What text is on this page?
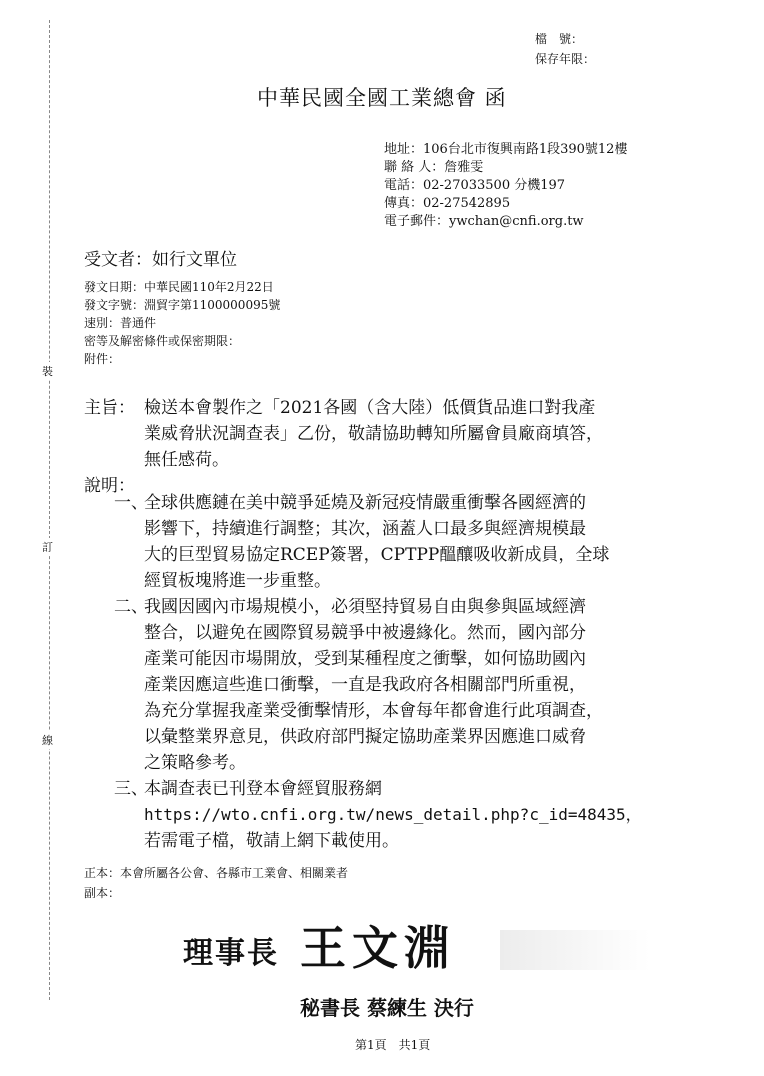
裝
訂
線
檔　號：
保存年限：
中華民國全國工業總會 函
地址：106台北市復興南路1段390號12樓
聯 絡 人：詹雅雯
電話：02-27033500 分機197
傳真：02-27542895
電子郵件：ywchan@cnfi.org.tw
受文者：如行文單位
發文日期：中華民國110年2月22日
發文字號：淵貿字第1100000095號
速別：普通件
密等及解密條件或保密期限：
附件：
主旨： 檢送本會製作之「2021各國（含大陸）低價貨品進口對我產
業威脅狀況調查表」乙份，敬請協助轉知所屬會員廠商填答，
無任感荷。
說明：
一、
全球供應鏈在美中競爭延燒及新冠疫情嚴重衝擊各國經濟的
影響下，持續進行調整；其次，涵蓋人口最多與經濟規模最
大的巨型貿易協定RCEP簽署，CPTPP醞釀吸收新成員，全球
經貿板塊將進一步重整。
二、
我國因國內市場規模小，必須堅持貿易自由與參與區域經濟
整合，以避免在國際貿易競爭中被邊緣化。然而，國內部分
產業可能因市場開放，受到某種程度之衝擊，如何協助國內
產業因應這些進口衝擊，一直是我政府各相關部門所重視，
為充分掌握我產業受衝擊情形，本會每年都會進行此項調查，
以彙整業界意見，供政府部門擬定協助產業界因應進口威脅
之策略參考。
三、
本調查表已刊登本會經貿服務網
https://wto.cnfi.org.tw/news_detail.php?c_id=48435，
若需電子檔，敬請上網下載使用。
正本：本會所屬各公會、各縣市工業會、相關業者
副本：
理事長 王文淵
秘書長 蔡練生 決行
第1頁　共1頁
